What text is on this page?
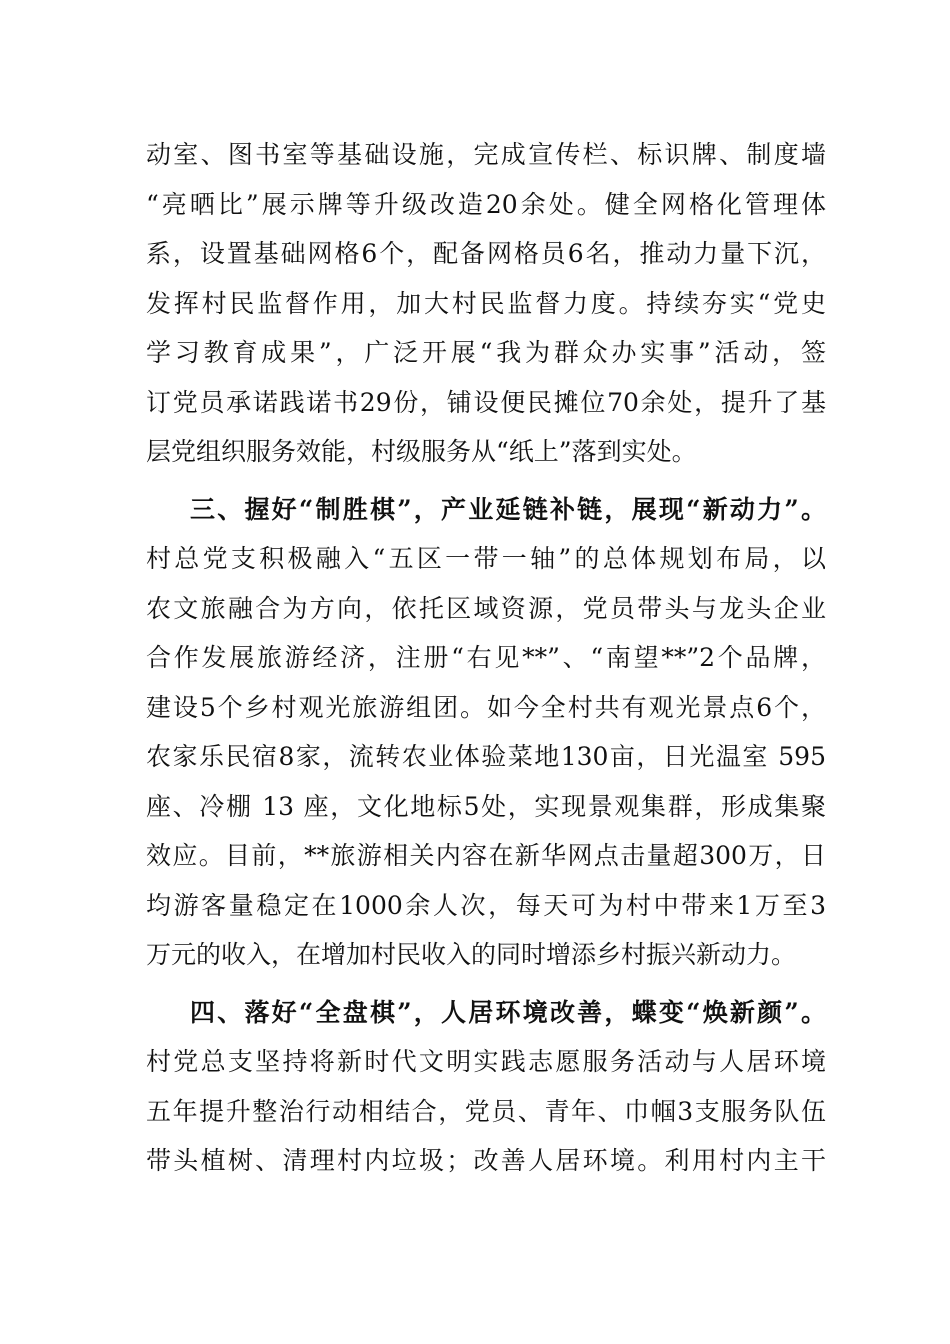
动室、图书室等基础设施，完成宣传栏、标识牌、制度墙
“亮晒比”展示牌等升级改造20余处。健全网格化管理体
系，设置基础网格6个，配备网格员6名，推动力量下沉，
发挥村民监督作用，加大村民监督力度。持续夯实“党史
学习教育成果”，广泛开展“我为群众办实事”活动，签
订党员承诺践诺书29份，铺设便民摊位70余处，提升了基
层党组织服务效能，村级服务从“纸上”落到实处。
三、握好“制胜棋”，产业延链补链，展现“新动力”。
村总党支积极融入“五区一带一轴”的总体规划布局，以
农文旅融合为方向，依托区域资源，党员带头与龙头企业
合作发展旅游经济，注册“右见**”、“南望**”2个品牌，
建设5个乡村观光旅游组团。如今全村共有观光景点6个，
农家乐民宿8家，流转农业体验菜地130亩，日光温室 595
座、冷棚 13 座，文化地标5处，实现景观集群，形成集聚
效应。目前，**旅游相关内容在新华网点击量超300万，日
均游客量稳定在1000余人次，每天可为村中带来1万至3
万元的收入，在增加村民收入的同时增添乡村振兴新动力。
四、落好“全盘棋”，人居环境改善，蝶变“焕新颜”。
村党总支坚持将新时代文明实践志愿服务活动与人居环境
五年提升整治行动相结合，党员、青年、巾帼3支服务队伍
带头植树、清理村内垃圾；改善人居环境。利用村内主干
